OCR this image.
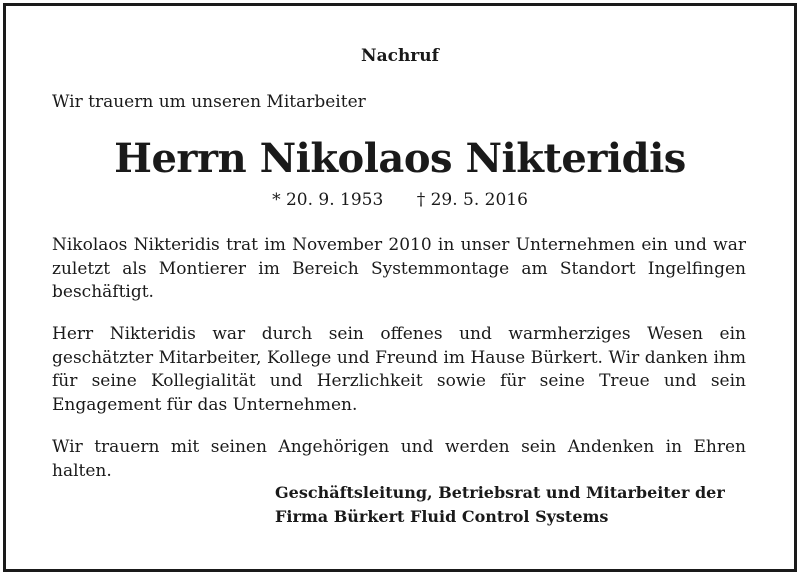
Nachruf
Wir trauern um unseren Mitarbeiter
Herrn Nikolaos Nikteridis
* 20. 9. 1953 † 29. 5. 2016
Nikolaos Nikteridis trat im November 2010 in unser Unternehmen ein und war zuletzt als Montierer im Bereich Systemmontage am Standort Ingelfingen beschäftigt.
Herr Nikteridis war durch sein offenes und warmherziges Wesen ein geschätzter Mitarbeiter, Kollege und Freund im Hause Bürkert. Wir danken ihm für seine Kollegialität und Herzlichkeit sowie für seine Treue und sein Engagement für das Unternehmen.
Wir trauern mit seinen Angehörigen und werden sein Andenken in Ehren halten.
Geschäftsleitung, Betriebsrat und Mitarbeiter der
Firma Bürkert Fluid Control Systems
